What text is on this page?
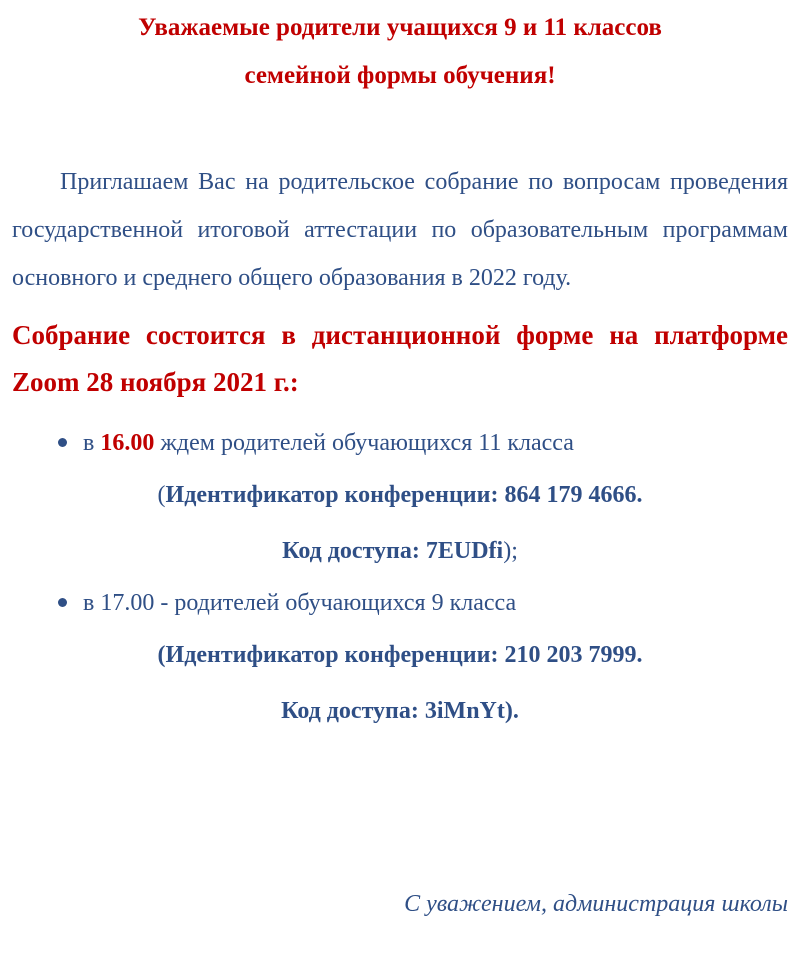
Уважаемые родители учащихся 9 и 11 классов
семейной формы обучения!

Приглашаем Вас на родительское собрание по вопросам проведения государственной итоговой аттестации по образовательным программам основного и среднего общего образования в 2022 году.

Собрание состоится в дистанционной форме на платформе Zoom 28 ноября 2021 г.:

в 16.00 ждем родителей обучающихся 11 класса
(Идентификатор конференции: 864 179 4666.
Код доступа: 7EUDfi);
в 17.00 - родителей обучающихся 9 класса
(Идентификатор конференции: 210 203 7999.
Код доступа: 3iMnYt).
С уважением, администрация школы
